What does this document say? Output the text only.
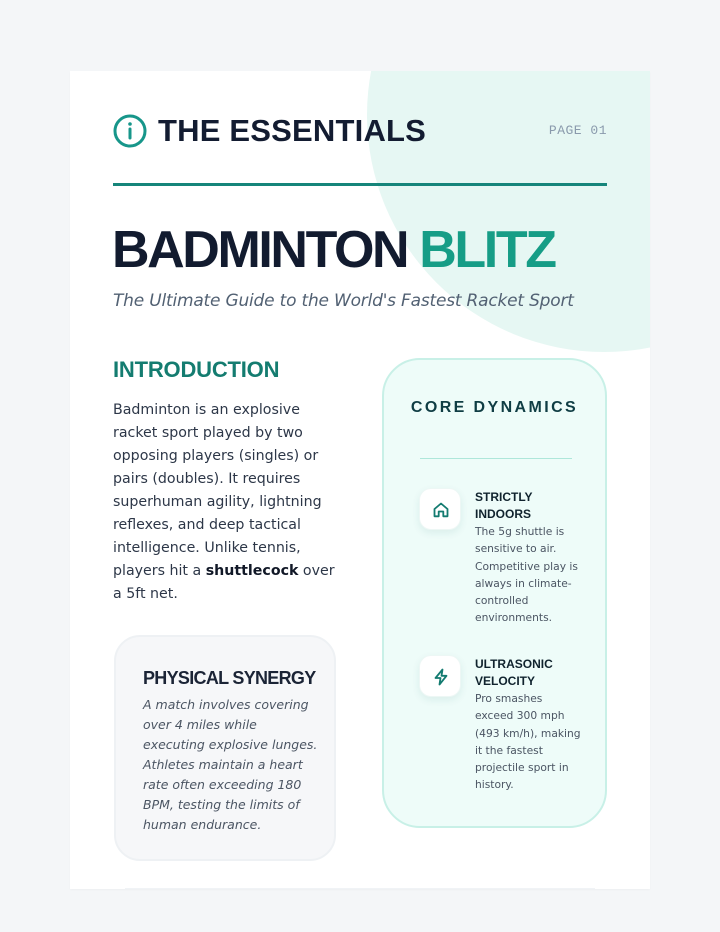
THE ESSENTIALS	PAGE 01
BADMINTON BLITZ

The Ultimate Guide to the World's Fastest Racket Sport

INTRODUCTION

Badminton is an explosive racket sport played by two opposing players (singles) or pairs (doubles). It requires superhuman agility, lightning reflexes, and deep tactical intelligence. Unlike tennis, players hit a shuttlecock over a 5ft net.

PHYSICAL SYNERGY

A match involves covering over 4 miles while executing explosive lunges. Athletes maintain a heart rate often exceeding 180 BPM, testing the limits of human endurance.

CORE DYNAMICS
STRICTLY INDOORS

The 5g shuttle is sensitive to air. Competitive play is always in climate-controlled environments.

ULTRASONIC VELOCITY

Pro smashes exceed 300 mph (493 km/h), making it the fastest projectile sport in history.
